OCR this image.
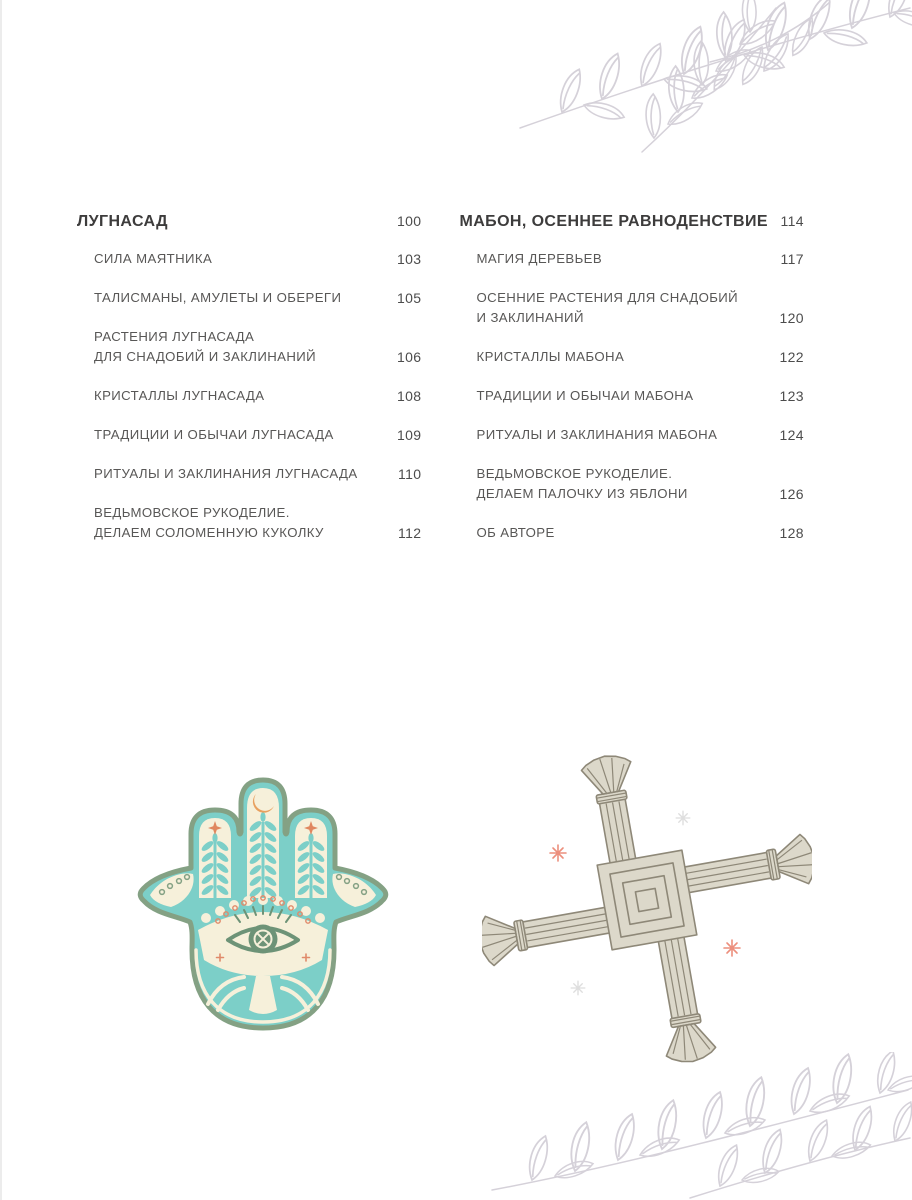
ЛУГНАСАД	100
СИЛА МАЯТНИКА	103
ТАЛИСМАНЫ, АМУЛЕТЫ И ОБЕРЕГИ	105
РАСТЕНИЯ ЛУГНАСАДА
ДЛЯ СНАДОБИЙ И ЗАКЛИНАНИЙ	106
КРИСТАЛЛЫ ЛУГНАСАДА	108
ТРАДИЦИИ И ОБЫЧАИ ЛУГНАСАДА	109
РИТУАЛЫ И ЗАКЛИНАНИЯ ЛУГНАСАДА	110
ВЕДЬМОВСКОЕ РУКОДЕЛИЕ.
ДЕЛАЕМ СОЛОМЕННУЮ КУКОЛКУ	112
МАБОН, ОСЕННЕЕ РАВНОДЕНСТВИЕ 114
МАГИЯ ДЕРЕВЬЕВ	117
ОСЕННИЕ РАСТЕНИЯ ДЛЯ СНАДОБИЙ
И ЗАКЛИНАНИЙ	120
КРИСТАЛЛЫ МАБОНА	122
ТРАДИЦИИ И ОБЫЧАИ МАБОНА	123
РИТУАЛЫ И ЗАКЛИНАНИЯ МАБОНА	124
ВЕДЬМОВСКОЕ РУКОДЕЛИЕ.
ДЕЛАЕМ ПАЛОЧКУ ИЗ ЯБЛОНИ	126
ОБ АВТОРЕ	128
